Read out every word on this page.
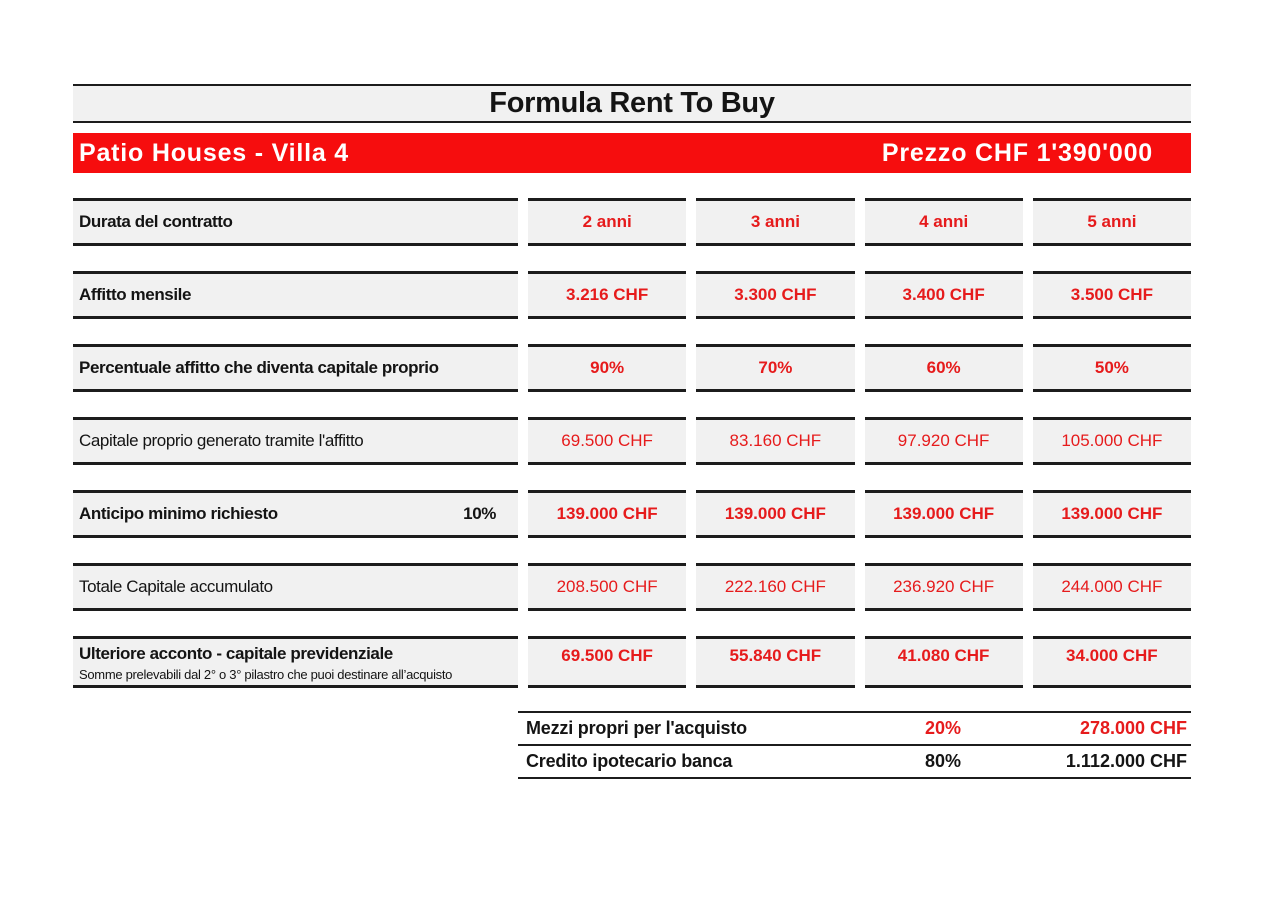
Formula Rent To Buy
Patio Houses - Villa 4	Prezzo CHF 1'390'000
Durata del contratto	2 anni	3 anni	4 anni	5 anni
Affitto mensile	3.216 CHF	3.300 CHF	3.400 CHF	3.500 CHF
Percentuale affitto che diventa capitale proprio	90%	70%	60%	50%
Capitale proprio generato tramite l'affitto	69.500 CHF	83.160 CHF	97.920 CHF	105.000 CHF
Anticipo minimo richiesto	10%	139.000 CHF	139.000 CHF	139.000 CHF	139.000 CHF
Totale Capitale accumulato	208.500 CHF	222.160 CHF	236.920 CHF	244.000 CHF
Ulteriore acconto - capitale previdenziale
Somme prelevabili dal 2° o 3° pilastro che puoi destinare all’acquisto
69.500 CHF	55.840 CHF	41.080 CHF	34.000 CHF
Mezzi propri per l'acquisto	20%	278.000 CHF
Credito ipotecario banca	80%	1.112.000 CHF
